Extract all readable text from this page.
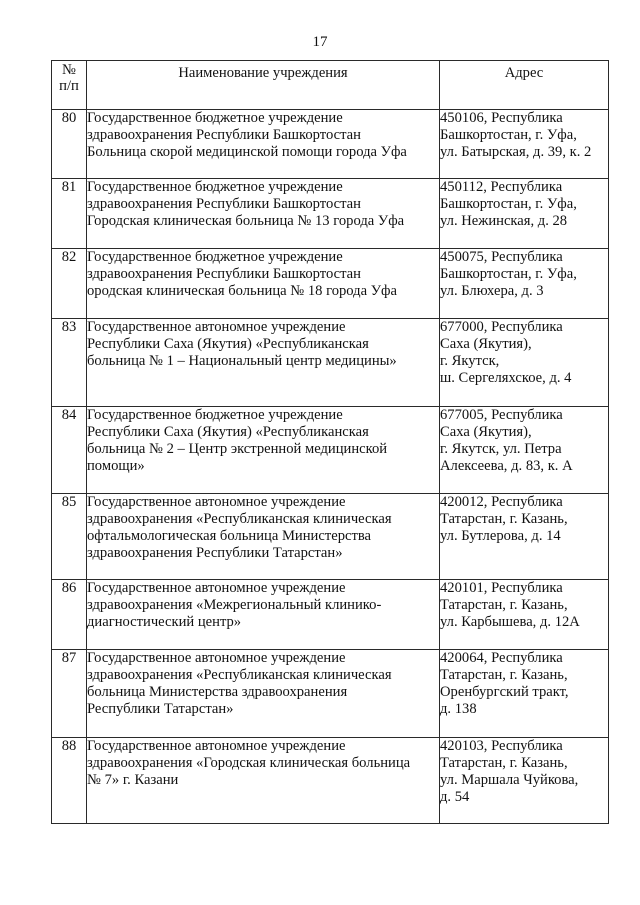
17
№
п/п	Наименование учреждения	Адрес
80	Государственное бюджетное учреждение
здравоохранения Республики Башкортостан
Больница скорой медицинской помощи города Уфа	450106, Республика
Башкортостан, г. Уфа,
ул. Батырская, д. 39, к. 2
81	Государственное бюджетное учреждение
здравоохранения Республики Башкортостан
Городская клиническая больница № 13 города Уфа	450112, Республика
Башкортостан, г. Уфа,
ул. Нежинская, д. 28
82	Государственное бюджетное учреждение
здравоохранения Республики Башкортостан
ородская клиническая больница № 18 города Уфа	450075, Республика
Башкортостан, г. Уфа,
ул. Блюхера, д. 3
83	Государственное автономное учреждение
Республики Саха (Якутия) «Республиканская
больница № 1 – Национальный центр медицины»	677000, Республика
Саха (Якутия),
г. Якутск,
ш. Сергеляхское, д. 4
84	Государственное бюджетное учреждение
Республики Саха (Якутия) «Республиканская
больница № 2 – Центр экстренной медицинской
помощи»	677005, Республика
Саха (Якутия),
г. Якутск, ул. Петра
Алексеева, д. 83, к. А
85	Государственное автономное учреждение
здравоохранения «Республиканская клиническая
офтальмологическая больница Министерства
здравоохранения Республики Татарстан»	420012, Республика
Татарстан, г. Казань,
ул. Бутлерова, д. 14
86	Государственное автономное учреждение
здравоохранения «Межрегиональный клинико-
диагностический центр»	420101, Республика
Татарстан, г. Казань,
ул. Карбышева, д. 12А
87	Государственное автономное учреждение
здравоохранения «Республиканская клиническая
больница Министерства здравоохранения
Республики Татарстан»	420064, Республика
Татарстан, г. Казань,
Оренбургский тракт,
д. 138
88	Государственное автономное учреждение
здравоохранения «Городская клиническая больница
№ 7» г. Казани	420103, Республика
Татарстан, г. Казань,
ул. Маршала Чуйкова,
д. 54
